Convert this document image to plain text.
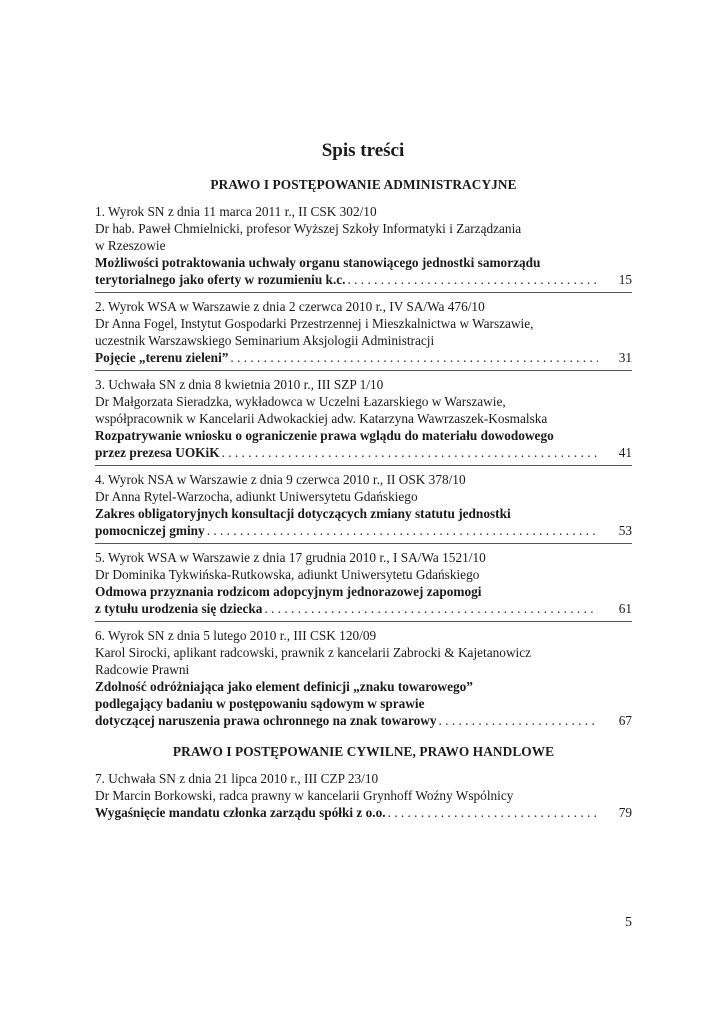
Spis treści
PRAWO I POSTĘPOWANIE ADMINISTRACYJNE
1. Wyrok SN z dnia 11 marca 2011 r., II CSK 302/10
Dr hab. Paweł Chmielnicki, profesor Wyższej Szkoły Informatyki i Zarządzania
w Rzeszowie
Możliwości potraktowania uchwały organu stanowiącego jednostki samorządu
terytorialnego jako oferty w rozumieniu k.c. . . .	15
2. Wyrok WSA w Warszawie z dnia 2 czerwca 2010 r., IV SA/Wa 476/10
Dr Anna Fogel, Instytut Gospodarki Przestrzennej i Mieszkalnictwa w Warszawie,
uczestnik Warszawskiego Seminarium Aksjologii Administracji
Pojęcie „terenu zieleni” . . .	31
3. Uchwała SN z dnia 8 kwietnia 2010 r., III SZP 1/10
Dr Małgorzata Sieradzka, wykładowca w Uczelni Łazarskiego w Warszawie,
współpracownik w Kancelarii Adwokackiej adw. Katarzyna Wawrzaszek-Kosmalska
Rozpatrywanie wniosku o ograniczenie prawa wglądu do materiału dowodowego
przez prezesa UOKiK . . .	41
4. Wyrok NSA w Warszawie z dnia 9 czerwca 2010 r., II OSK 378/10
Dr Anna Rytel-Warzocha, adiunkt Uniwersytetu Gdańskiego
Zakres obligatoryjnych konsultacji dotyczących zmiany statutu jednostki
pomocniczej gminy . . .	53
5. Wyrok WSA w Warszawie z dnia 17 grudnia 2010 r., I SA/Wa 1521/10
Dr Dominika Tykwińska-Rutkowska, adiunkt Uniwersytetu Gdańskiego
Odmowa przyznania rodzicom adopcyjnym jednorazowej zapomogi
z tytułu urodzenia się dziecka . . .	61
6. Wyrok SN z dnia 5 lutego 2010 r., III CSK 120/09
Karol Sirocki, aplikant radcowski, prawnik z kancelarii Zabrocki & Kajetanowicz
Radcowie Prawni
Zdolność odróżniająca jako element definicji „znaku towarowego”
podlegający badaniu w postępowaniu sądowym w sprawie
dotyczącej naruszenia prawa ochronnego na znak towarowy . . .	67
PRAWO I POSTĘPOWANIE CYWILNE, PRAWO HANDLOWE
7. Uchwała SN z dnia 21 lipca 2010 r., III CZP 23/10
Dr Marcin Borkowski, radca prawny w kancelarii Grynhoff Woźny Wspólnicy
Wygaśnięcie mandatu członka zarządu spółki z o.o. . . .	79
5
